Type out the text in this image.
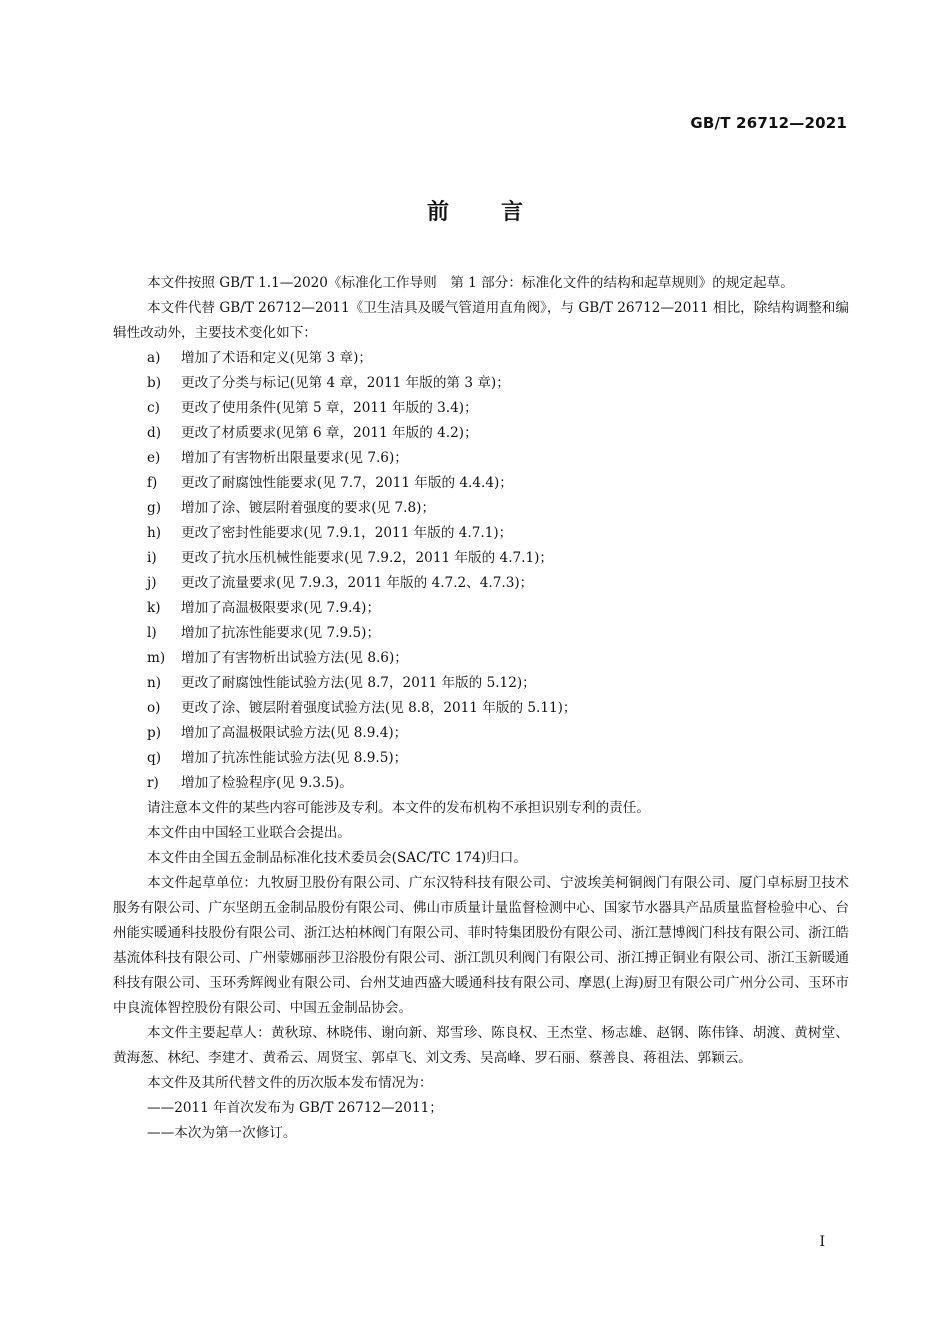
GB/T 26712—2021
前言

本文件按照 GB/T 1.1—2020《标准化工作导则　第 1 部分：标准化文件的结构和起草规则》的规定起草。

本文件代替 GB/T 26712—2011《卫生洁具及暖气管道用直角阀》，与 GB/T 26712—2011 相比，除结构调整和编辑性改动外，主要技术变化如下：

a) 增加了术语和定义(见第 3 章)；

b) 更改了分类与标记(见第 4 章，2011 年版的第 3 章)；

c) 更改了使用条件(见第 5 章，2011 年版的 3.4)；

d) 更改了材质要求(见第 6 章，2011 年版的 4.2)；

e) 增加了有害物析出限量要求(见 7.6)；

f) 更改了耐腐蚀性能要求(见 7.7，2011 年版的 4.4.4)；

g) 增加了涂、镀层附着强度的要求(见 7.8)；

h) 更改了密封性能要求(见 7.9.1，2011 年版的 4.7.1)；

i) 更改了抗水压机械性能要求(见 7.9.2，2011 年版的 4.7.1)；

j) 更改了流量要求(见 7.9.3，2011 年版的 4.7.2、4.7.3)；

k) 增加了高温极限要求(见 7.9.4)；

l) 增加了抗冻性能要求(见 7.9.5)；

m) 增加了有害物析出试验方法(见 8.6)；

n) 更改了耐腐蚀性能试验方法(见 8.7，2011 年版的 5.12)；

o) 更改了涂、镀层附着强度试验方法(见 8.8，2011 年版的 5.11)；

p) 增加了高温极限试验方法(见 8.9.4)；

q) 增加了抗冻性能试验方法(见 8.9.5)；

r) 增加了检验程序(见 9.3.5)。

请注意本文件的某些内容可能涉及专利。本文件的发布机构不承担识别专利的责任。

本文件由中国轻工业联合会提出。

本文件由全国五金制品标准化技术委员会(SAC/TC 174)归口。

本文件起草单位：九牧厨卫股份有限公司、广东汉特科技有限公司、宁波埃美柯铜阀门有限公司、厦门卓标厨卫技术服务有限公司、广东坚朗五金制品股份有限公司、佛山市质量计量监督检测中心、国家节水器具产品质量监督检验中心、台州能实暖通科技股份有限公司、浙江达柏林阀门有限公司、菲时特集团股份有限公司、浙江慧博阀门科技有限公司、浙江皓基流体科技有限公司、广州蒙娜丽莎卫浴股份有限公司、浙江凯贝利阀门有限公司、浙江搏正铜业有限公司、浙江玉新暖通科技有限公司、玉环秀辉阀业有限公司、台州艾迪西盛大暖通科技有限公司、摩恩(上海)厨卫有限公司广州分公司、玉环市中良流体智控股份有限公司、中国五金制品协会。

本文件主要起草人：黄秋琼、林晓伟、谢向新、郑雪珍、陈良权、王杰堂、杨志雄、赵钢、陈伟锋、胡渡、黄树堂、黄海葱、林纪、李建才、黄希云、周贤宝、郭卓飞、刘文秀、吴高峰、罗石丽、蔡善良、蒋祖法、郭颖云。

本文件及其所代替文件的历次版本发布情况为：

——2011 年首次发布为 GB/T 26712—2011；

——本次为第一次修订。

Ⅰ
